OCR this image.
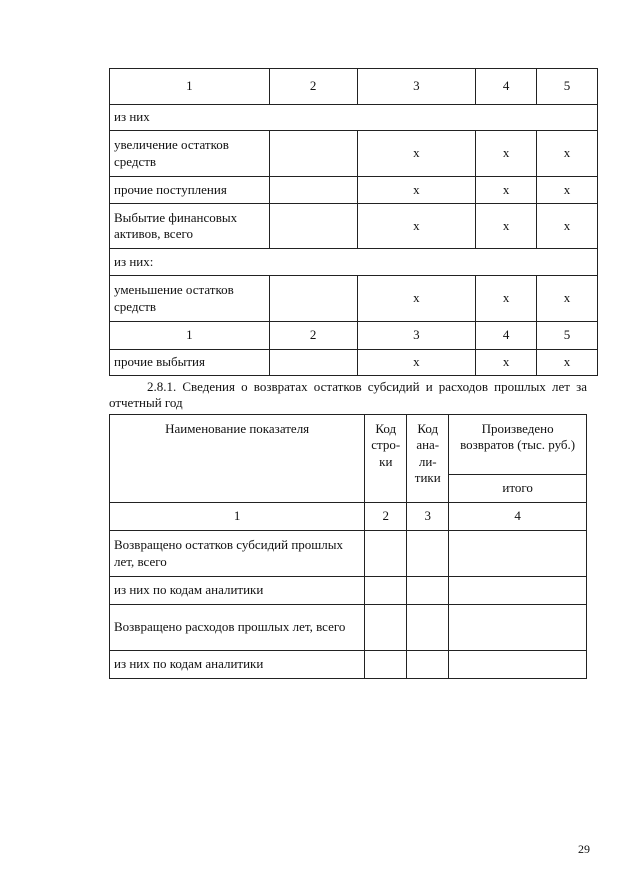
1	2	3	4	5
из них				
увеличение остатков средств		x	x	x
прочие поступления		x	x	x
Выбытие финансовых активов, всего		x	x	x
из них:				
уменьшение остатков средств		x	x	x
1	2	3	4	5
прочие выбытия		x	x	x
2.8.1. Сведения о возвратах остатков субсидий и расходов прошлых лет за отчетный год
Наименование показателя	Код стро-ки	Код ана-ли-тики	Произведено возвратов (тыс. руб.)
			итого
1	2	3	4
Возвращено остатков субсидий прошлых лет, всего			
из них по кодам аналитики			
Возвращено расходов прошлых лет, всего			
из них по кодам аналитики			
29
